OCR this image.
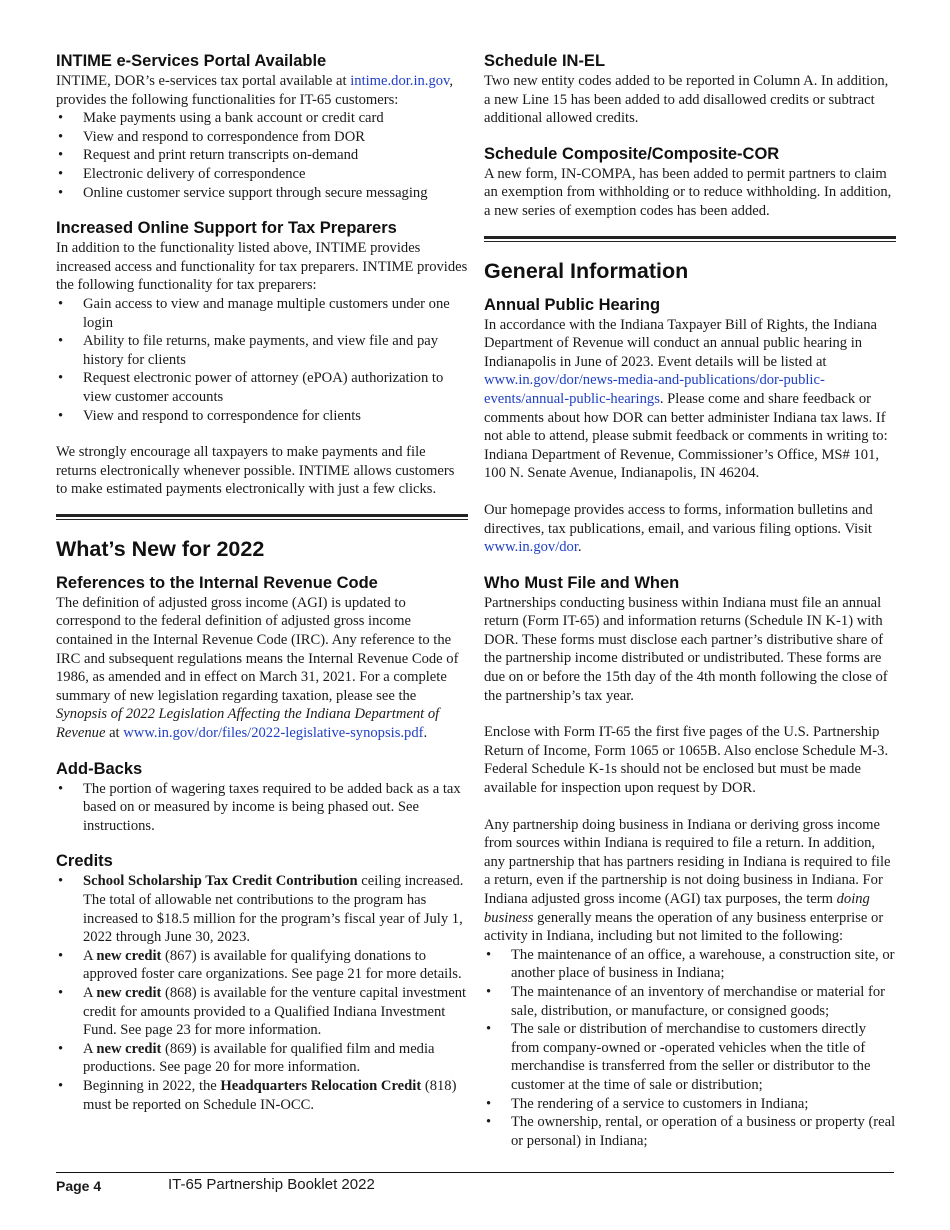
INTIME e-Services Portal Available

INTIME, DOR’s e-services tax portal available at intime.dor.in.gov, provides the following functionalities for IT-65 customers:

• Make payments using a bank account or credit card
• View and respond to correspondence from DOR
• Request and print return transcripts on-demand
• Electronic delivery of correspondence
• Online customer service support through secure messaging
Increased Online Support for Tax Preparers

In addition to the functionality listed above, INTIME provides increased access and functionality for tax preparers. INTIME provides the following functionality for tax preparers:

• Gain access to view and manage multiple customers under one login
• Ability to file returns, make payments, and view file and pay history for clients
• Request electronic power of attorney (ePOA) authorization to view customer accounts
• View and respond to correspondence for clients

We strongly encourage all taxpayers to make payments and file returns electronically whenever possible. INTIME allows customers to make estimated payments electronically with just a few clicks.

What’s New for 2022
References to the Internal Revenue Code

The definition of adjusted gross income (AGI) is updated to correspond to the federal definition of adjusted gross income contained in the Internal Revenue Code (IRC). Any reference to the IRC and subsequent regulations means the Internal Revenue Code of 1986, as amended and in effect on March 31, 2021. For a complete summary of new legislation regarding taxation, please see the Synopsis of 2022 Legislation Affecting the Indiana Department of Revenue at www.in.gov/dor/files/2022-legislative-synopsis.pdf.

Add-Backs
• The portion of wagering taxes required to be added back as a tax based on or measured by income is being phased out. See instructions.
Credits
• School Scholarship Tax Credit Contribution ceiling increased. The total of allowable net contributions to the program has increased to $18.5 million for the program’s fiscal year of July 1, 2022 through June 30, 2023.
• A new credit (867) is available for qualifying donations to approved foster care organizations. See page 21 for more details.
• A new credit (868) is available for the venture capital investment credit for amounts provided to a Qualified Indiana Investment Fund. See page 23 for more information.
• A new credit (869) is available for qualified film and media productions. See page 20 for more information.
• Beginning in 2022, the Headquarters Relocation Credit (818) must be reported on Schedule IN-OCC.
Schedule IN-EL

Two new entity codes added to be reported in Column A. In addition, a new Line 15 has been added to add disallowed credits or subtract additional allowed credits.

Schedule Composite/Composite-COR

A new form, IN-COMPA, has been added to permit partners to claim an exemption from withholding or to reduce withholding. In addition, a new series of exemption codes has been added.

General Information
Annual Public Hearing

In accordance with the Indiana Taxpayer Bill of Rights, the Indiana Department of Revenue will conduct an annual public hearing in Indianapolis in June of 2023. Event details will be listed at www.in.gov/dor/news-media-and-publications/dor-public-events/annual-public-hearings. Please come and share feedback or comments about how DOR can better administer Indiana tax laws. If not able to attend, please submit feedback or comments in writing to: Indiana Department of Revenue, Commissioner’s Office, MS# 101, 100 N. Senate Avenue, Indianapolis, IN 46204.

Our homepage provides access to forms, information bulletins and directives, tax publications, email, and various filing options. Visit www.in.gov/dor.

Who Must File and When

Partnerships conducting business within Indiana must file an annual return (Form IT-65) and information returns (Schedule IN K-1) with DOR. These forms must disclose each partner’s distributive share of the partnership income distributed or undistributed. These forms are due on or before the 15th day of the 4th month following the close of the partnership’s tax year.

Enclose with Form IT-65 the first five pages of the U.S. Partnership Return of Income, Form 1065 or 1065B. Also enclose Schedule M-3. Federal Schedule K-1s should not be enclosed but must be made available for inspection upon request by DOR.

Any partnership doing business in Indiana or deriving gross income from sources within Indiana is required to file a return. In addition, any partnership that has partners residing in Indiana is required to file a return, even if the partnership is not doing business in Indiana. For Indiana adjusted gross income (AGI) tax purposes, the term doing business generally means the operation of any business enterprise or activity in Indiana, including but not limited to the following:

• The maintenance of an office, a warehouse, a construction site, or another place of business in Indiana;
• The maintenance of an inventory of merchandise or material for sale, distribution, or manufacture, or consigned goods;
• The sale or distribution of merchandise to customers directly from company-owned or -operated vehicles when the title of merchandise is transferred from the seller or distributor to the customer at the time of sale or distribution;
• The rendering of a service to customers in Indiana;
• The ownership, rental, or operation of a business or property (real or personal) in Indiana;
Page 4	IT-65 Partnership Booklet 2022
